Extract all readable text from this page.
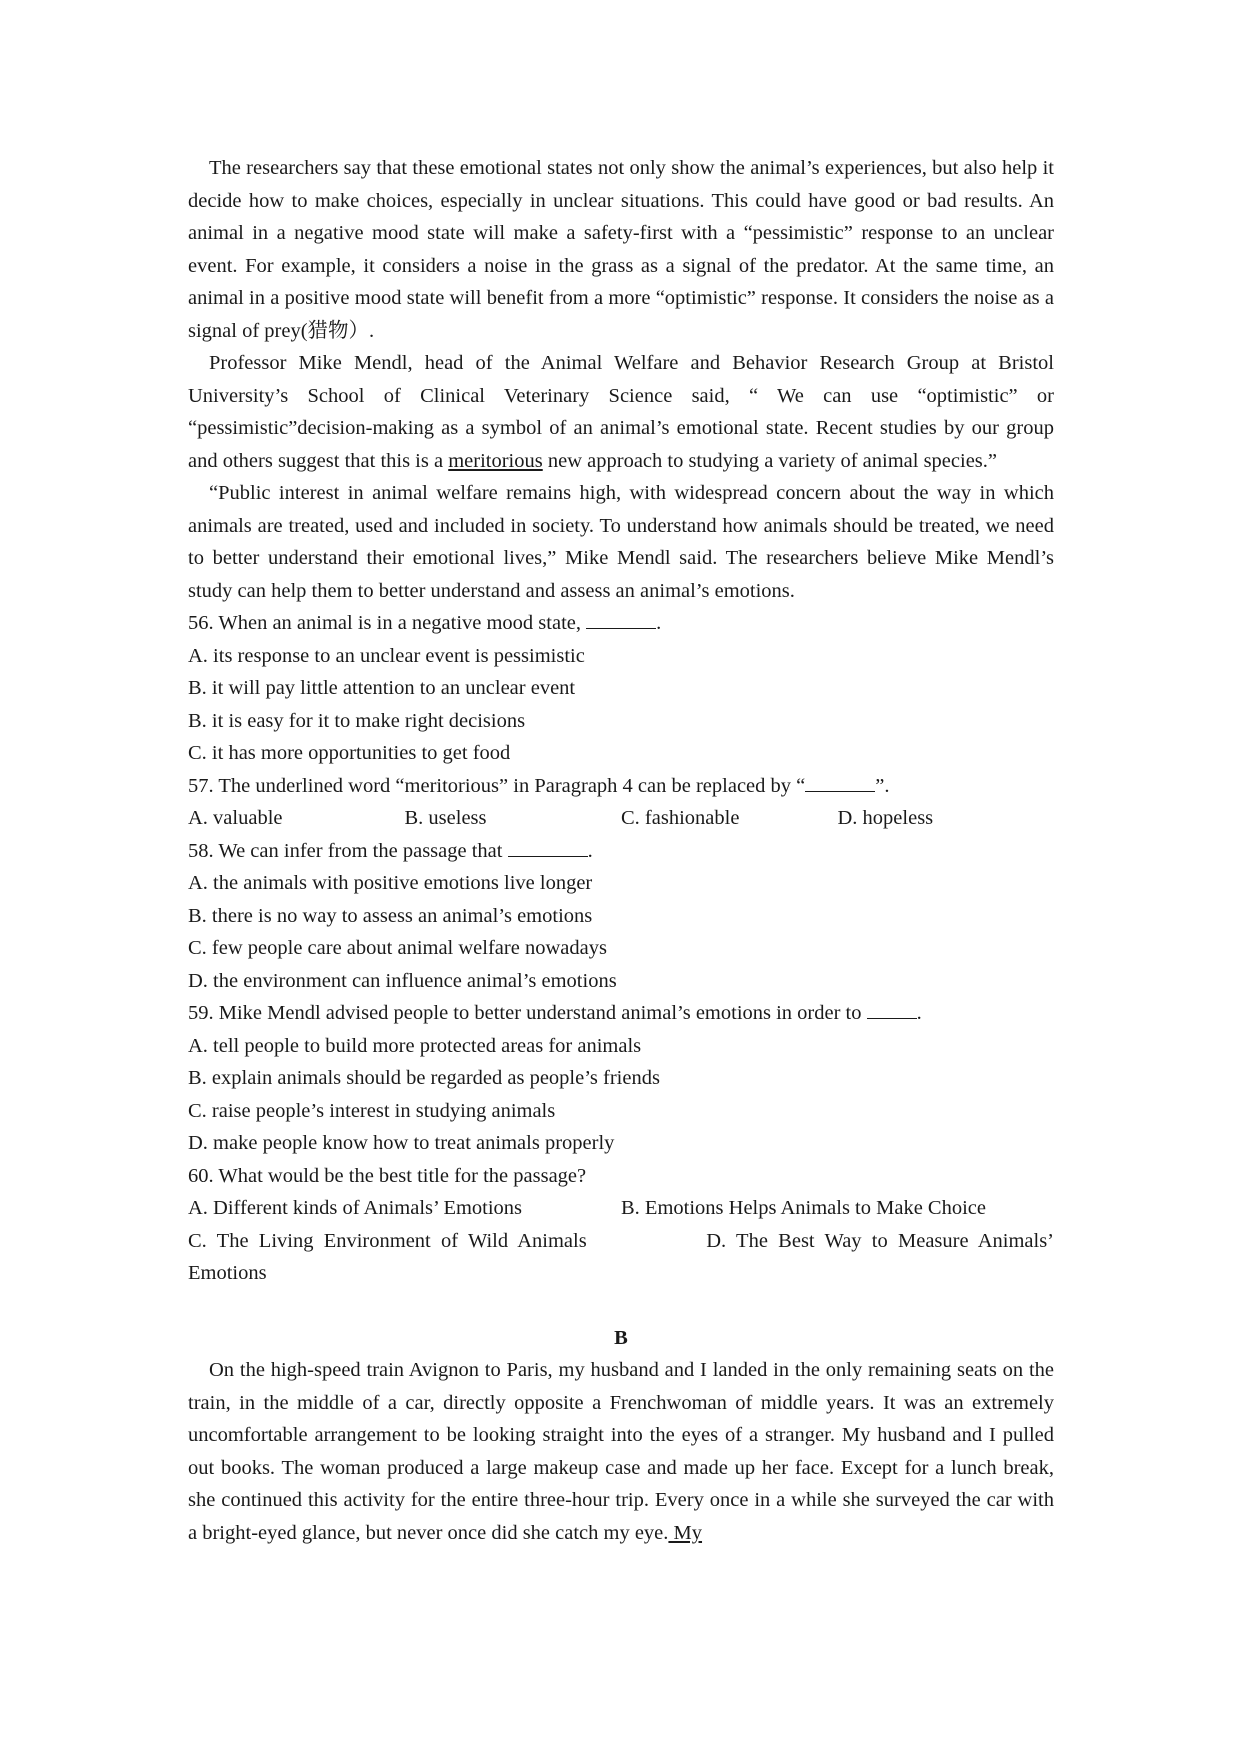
The researchers say that these emotional states not only show the animal’s experiences, but also help it decide how to make choices, especially in unclear situations. This could have good or bad results. An animal in a negative mood state will make a safety-first with a “pessimistic” response to an unclear event. For example, it considers a noise in the grass as a signal of the predator. At the same time, an animal in a positive mood state will benefit from a more “optimistic” response. It considers the noise as a signal of prey(猎物）.

Professor Mike Mendl, head of the Animal Welfare and Behavior Research Group at Bristol University’s School of Clinical Veterinary Science said, “ We can use “optimistic” or “pessimistic”decision-making as a symbol of an animal’s emotional state. Recent studies by our group and others suggest that this is a meritorious new approach to studying a variety of animal species.”

“Public interest in animal welfare remains high, with widespread concern about the way in which animals are treated, used and included in society. To understand how animals should be treated, we need to better understand their emotional lives,” Mike Mendl said. The researchers believe Mike Mendl’s study can help them to better understand and assess an animal’s emotions.

56. When an animal is in a negative mood state,	.

A. its response to an unclear event is pessimistic

B. it will pay little attention to an unclear event

B. it is easy for it to make right decisions

C. it has more opportunities to get food

57. The underlined word “meritorious” in Paragraph 4 can be replaced by “	”.

A. valuable	B. useless	C. fashionable	D. hopeless

58. We can infer from the passage that	.

A. the animals with positive emotions live longer

B. there is no way to assess an animal’s emotions

C. few people care about animal welfare nowadays

D. the environment can influence animal’s emotions

59. Mike Mendl advised people to better understand animal’s emotions in order to .

A. tell people to build more protected areas for animals

B. explain animals should be regarded as people’s friends

C. raise people’s interest in studying animals

D. make people know how to treat animals properly

60. What would be the best title for the passage?

A. Different kinds of Animals’ Emotions	B. Emotions Helps Animals to Make Choice
C.  The  Living  Environment  of  Wild  Animals	D.  The  Best  Way  to  Measure  Animals’

Emotions

B

On the high-speed train Avignon to Paris, my husband and I landed in the only remaining seats on the train, in the middle of a car, directly opposite a Frenchwoman of middle years. It was an extremely uncomfortable arrangement to be looking straight into the eyes of a stranger. My husband and I pulled out books. The woman produced a large makeup case and made up her face. Except for a lunch break, she continued this activity for the entire three-hour trip. Every once in a while she surveyed the car with a bright-eyed glance, but never once did she catch my eye. My
